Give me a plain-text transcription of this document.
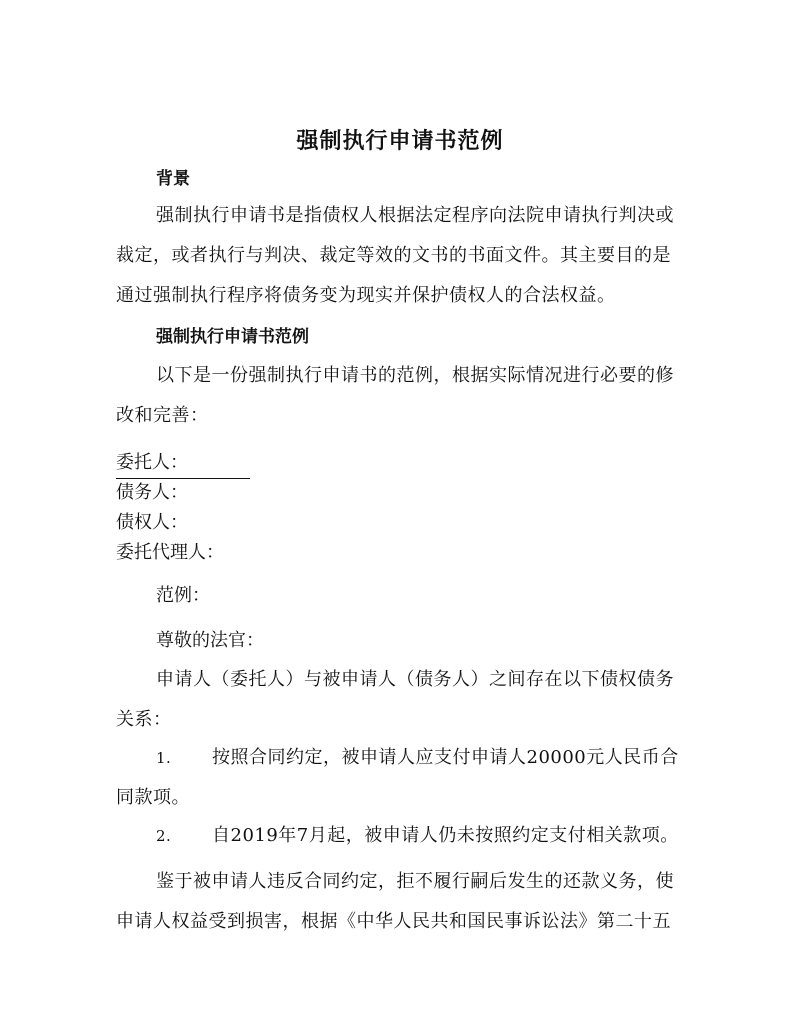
强制执行申请书范例
背景
强制执行申请书是指债权人根据法定程序向法院申请执行判决或裁定，或者执行与判决、裁定等效的文书的书面文件。其主要目的是通过强制执行程序将债务变为现实并保护债权人的合法权益。
强制执行申请书范例
以下是一份强制执行申请书的范例，根据实际情况进行必要的修改和完善：
委托人：
债务人：
债权人：
委托代理人：
范例：
尊敬的法官：
申请人（委托人）与被申请人（债务人）之间存在以下债权债务关系：
1. 按照合同约定，被申请人应支付申请人20000元人民币合同款项。
2. 自2019年7月起，被申请人仍未按照约定支付相关款项。
鉴于被申请人违反合同约定，拒不履行嗣后发生的还款义务，使申请人权益受到损害，根据《中华人民共和国民事诉讼法》第二十五
